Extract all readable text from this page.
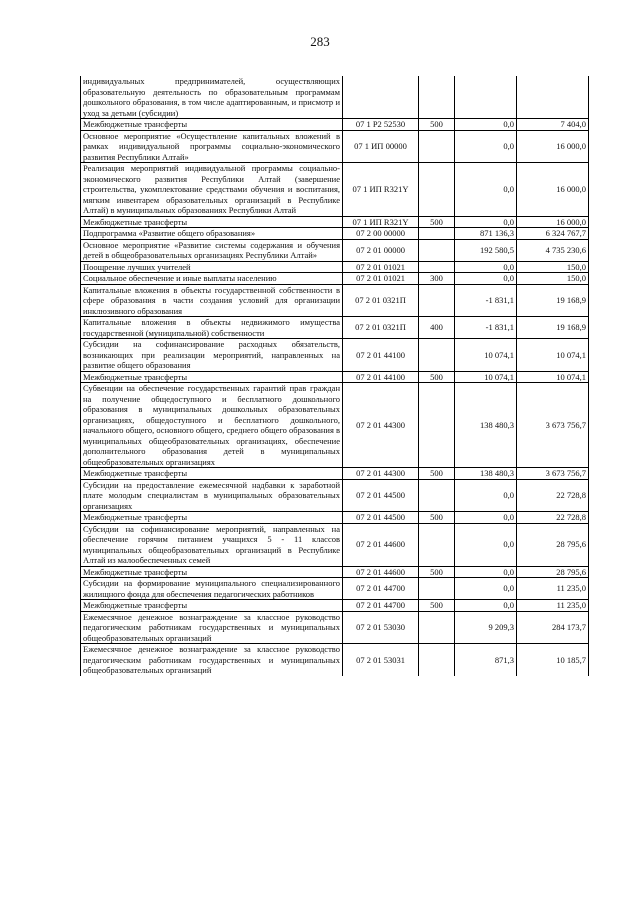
283
индивидуальных предпринимателей, осуществляющих образовательную деятельность по образовательным программам дошкольного образования, в том числе адаптированным, и присмотр и уход за детьми (субсидии)				
Межбюджетные трансферты	07 1 P2 52530	500	0,0	7 404,0
Основное мероприятие «Осуществление капитальных вложений в рамках индивидуальной программы социально-экономического развития Республики Алтай»	07 1 ИП 00000		0,0	16 000,0
Реализация мероприятий индивидуальной программы социально-экономического развития Республики Алтай (завершение строительства, укомплектование средствами обучения и воспитания, мягким инвентарем образовательных организаций в Республике Алтай) в муниципальных образованиях Республики Алтай	07 1 ИП R321Y		0,0	16 000,0
Межбюджетные трансферты	07 1 ИП R321Y	500	0,0	16 000,0
Подпрограмма «Развитие общего образования»	07 2 00 00000		871 136,3	6 324 767,7
Основное мероприятие «Развитие системы содержания и обучения детей в общеобразовательных организациях Республики Алтай»	07 2 01 00000		192 580,5	4 735 230,6
Поощрение лучших учителей	07 2 01 01021		0,0	150,0
Социальное обеспечение и иные выплаты населению	07 2 01 01021	300	0,0	150,0
Капитальные вложения в объекты государственной собственности в сфере образования в части создания условий для организации инклюзивного образования	07 2 01 0321П		-1 831,1	19 168,9
Капитальные вложения в объекты недвижимого имущества государственной (муниципальной) собственности	07 2 01 0321П	400	-1 831,1	19 168,9
Субсидии на софинансирование расходных обязательств, возникающих при реализации мероприятий, направленных на развитие общего образования	07 2 01 44100		10 074,1	10 074,1
Межбюджетные трансферты	07 2 01 44100	500	10 074,1	10 074,1
Субвенции на обеспечение государственных гарантий прав граждан на получение общедоступного и бесплатного дошкольного образования в муниципальных дошкольных образовательных организациях, общедоступного и бесплатного дошкольного, начального общего, основного общего, среднего общего образования в муниципальных общеобразовательных организациях, обеспечение дополнительного образования детей в муниципальных общеобразовательных организациях	07 2 01 44300		138 480,3	3 673 756,7
Межбюджетные трансферты	07 2 01 44300	500	138 480,3	3 673 756,7
Субсидии на предоставление ежемесячной надбавки к заработной плате молодым специалистам в муниципальных образовательных организациях	07 2 01 44500		0,0	22 728,8
Межбюджетные трансферты	07 2 01 44500	500	0,0	22 728,8
Субсидии на софинансирование мероприятий, направленных на обеспечение горячим питанием учащихся 5 - 11 классов муниципальных общеобразовательных организаций в Республике Алтай из малообеспеченных семей	07 2 01 44600		0,0	28 795,6
Межбюджетные трансферты	07 2 01 44600	500	0,0	28 795,6
Субсидии на формирование муниципального специализированного жилищного фонда для обеспечения педагогических работников	07 2 01 44700		0,0	11 235,0
Межбюджетные трансферты	07 2 01 44700	500	0,0	11 235,0
Ежемесячное денежное вознаграждение за классное руководство педагогическим работникам государственных и муниципальных общеобразовательных организаций	07 2 01 53030		9 209,3	284 173,7
Ежемесячное денежное вознаграждение за классное руководство педагогическим работникам государственных и муниципальных общеобразовательных организаций	07 2 01 53031		871,3	10 185,7
